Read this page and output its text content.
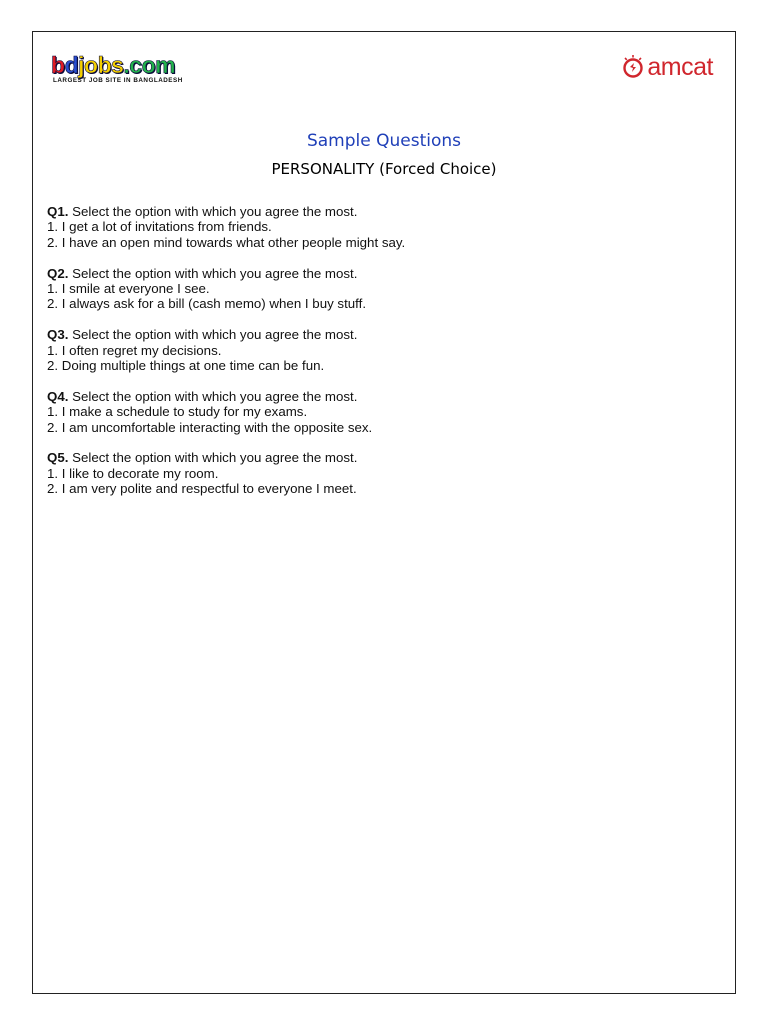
bdjobs.com
LARGEST JOB SITE IN BANGLADESH	amcat
Sample Questions
PERSONALITY (Forced Choice)
Q1. Select the option with which you agree the most.
1. I get a lot of invitations from friends.
2. I have an open mind towards what other people might say.
Q2. Select the option with which you agree the most.
1. I smile at everyone I see.
2. I always ask for a bill (cash memo) when I buy stuff.
Q3. Select the option with which you agree the most.
1. I often regret my decisions.
2. Doing multiple things at one time can be fun.
Q4. Select the option with which you agree the most.
1. I make a schedule to study for my exams.
2. I am uncomfortable interacting with the opposite sex.
Q5. Select the option with which you agree the most.
1. I like to decorate my room.
2. I am very polite and respectful to everyone I meet.
